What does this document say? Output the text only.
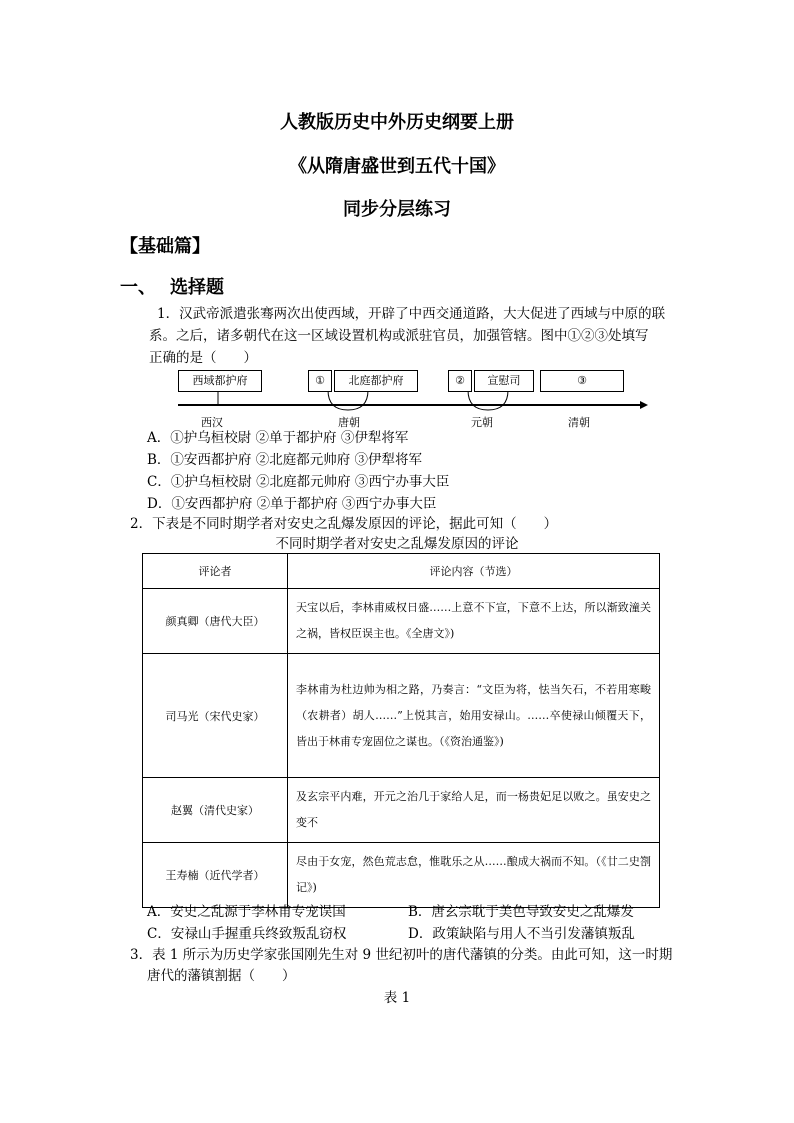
人教版历史中外历史纲要上册
《从隋唐盛世到五代十国》
同步分层练习
【基础篇】
一、 选择题
1．汉武帝派遣张骞两次出使西域，开辟了中西交通道路，大大促进了西域与中原的联
系。之后，诸多朝代在这一区域设置机构或派驻官员，加强管辖。图中①②③处填写
正确的是（　　）
西域都护府	①	北庭都护府	②	宣慰司	③
西汉	唐朝	元朝	清朝
A．①护乌桓校尉 ②单于都护府 ③伊犁将军
B．①安西都护府 ②北庭都元帅府 ③伊犁将军
C．①护乌桓校尉 ②北庭都元帅府 ③西宁办事大臣
D．①安西都护府 ②单于都护府 ③西宁办事大臣
2．下表是不同时期学者对安史之乱爆发原因的评论，据此可知（　　）
不同时期学者对安史之乱爆发原因的评论
评论者	评论内容（节选）
颜真卿（唐代大臣）	天宝以后，李林甫威权日盛……上意不下宣，下意不上达，所以渐致潼关之祸，皆权臣误主也。《全唐文》)
司马光（宋代史家）	李林甫为杜边帅为相之路，乃奏言：“文臣为将，怯当矢石，不若用寒畯（农耕者）胡人……”上悦其言，始用安禄山。……卒使禄山倾覆天下，皆出于林甫专宠固位之谋也。（《资治通鉴》)
赵翼（清代史家）	及玄宗平内难，开元之治几于家给人足，而一杨贵妃足以败之。虽安史之变不
王寿楠（近代学者）	尽由于女宠，然色荒志怠，惟耽乐之从……酿成大祸而不知。（《廿二史劄记》)
A．安史之乱源于李林甫专宠误国	B．唐玄宗耽于美色导致安史之乱爆发
C．安禄山手握重兵终致叛乱窃权	D．政策缺陷与用人不当引发藩镇叛乱
3．表 1 所示为历史学家张国刚先生对 9 世纪初叶的唐代藩镇的分类。由此可知，这一时期
唐代的藩镇割据（　　）
表 1
